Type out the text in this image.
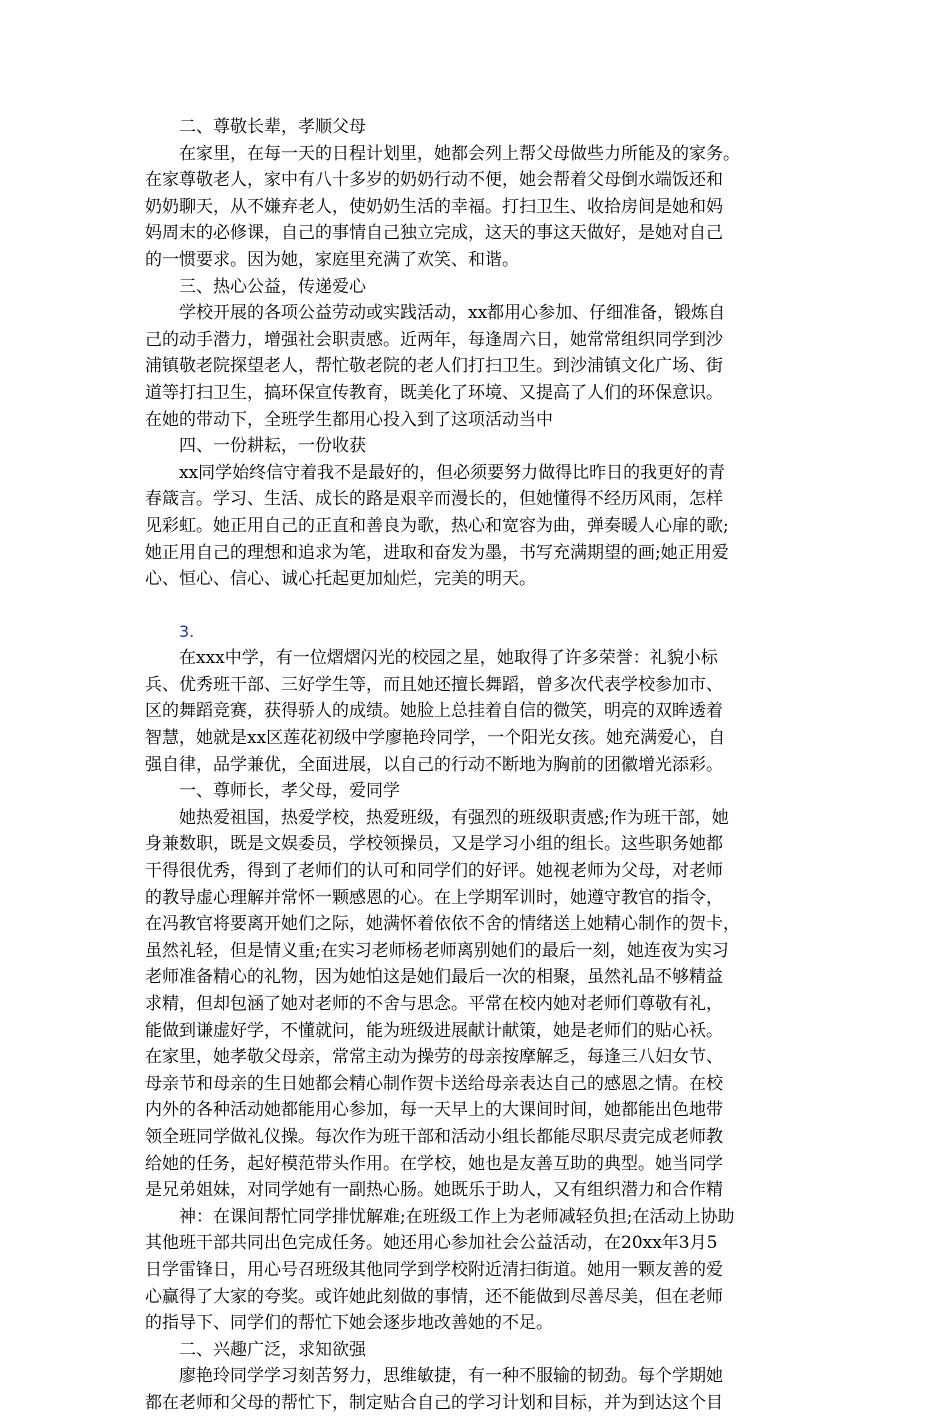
二、尊敬长辈，孝顺父母
在家里，在每一天的日程计划里，她都会列上帮父母做些力所能及的家务。
在家尊敬老人，家中有八十多岁的奶奶行动不便，她会帮着父母倒水端饭还和
奶奶聊天，从不嫌弃老人，使奶奶生活的幸福。打扫卫生、收拾房间是她和妈
妈周末的必修课，自己的事情自己独立完成，这天的事这天做好，是她对自己
的一惯要求。因为她，家庭里充满了欢笑、和谐。
三、热心公益，传递爱心
学校开展的各项公益劳动或实践活动，xx都用心参加、仔细准备，锻炼自
己的动手潜力，增强社会职责感。近两年，每逢周六日，她常常组织同学到沙
浦镇敬老院探望老人，帮忙敬老院的老人们打扫卫生。到沙浦镇文化广场、街
道等打扫卫生，搞环保宣传教育，既美化了环境、又提高了人们的环保意识。
在她的带动下，全班学生都用心投入到了这项活动当中
四、一份耕耘，一份收获
xx同学始终信守着我不是最好的，但必须要努力做得比昨日的我更好的青
春箴言。学习、生活、成长的路是艰辛而漫长的，但她懂得不经历风雨，怎样
见彩虹。她正用自己的正直和善良为歌，热心和宽容为曲，弹奏暖人心扉的歌;
她正用自己的理想和追求为笔，进取和奋发为墨，书写充满期望的画;她正用爱
心、恒心、信心、诚心托起更加灿烂，完美的明天。
3.
在xxx中学，有一位熠熠闪光的校园之星，她取得了许多荣誉：礼貌小标
兵、优秀班干部、三好学生等，而且她还擅长舞蹈，曾多次代表学校参加市、
区的舞蹈竞赛，获得骄人的成绩。她脸上总挂着自信的微笑，明亮的双眸透着
智慧，她就是xx区莲花初级中学廖艳玲同学，一个阳光女孩。她充满爱心，自
强自律，品学兼优，全面进展，以自己的行动不断地为胸前的团徽增光添彩。
一、尊师长，孝父母，爱同学
她热爱祖国，热爱学校，热爱班级，有强烈的班级职责感;作为班干部，她
身兼数职，既是文娱委员，学校领操员，又是学习小组的组长。这些职务她都
干得很优秀，得到了老师们的认可和同学们的好评。她视老师为父母，对老师
的教导虚心理解并常怀一颗感恩的心。在上学期军训时，她遵守教官的指令，
在冯教官将要离开她们之际，她满怀着依依不舍的情绪送上她精心制作的贺卡，
虽然礼轻，但是情义重;在实习老师杨老师离别她们的最后一刻，她连夜为实习
老师准备精心的礼物，因为她怕这是她们最后一次的相聚，虽然礼品不够精益
求精，但却包涵了她对老师的不舍与思念。平常在校内她对老师们尊敬有礼，
能做到谦虚好学，不懂就问，能为班级进展献计献策，她是老师们的贴心袄。
在家里，她孝敬父母亲，常常主动为操劳的母亲按摩解乏，每逢三八妇女节、
母亲节和母亲的生日她都会精心制作贺卡送给母亲表达自己的感恩之情。在校
内外的各种活动她都能用心参加，每一天早上的大课间时间，她都能出色地带
领全班同学做礼仪操。每次作为班干部和活动小组长都能尽职尽责完成老师教
给她的任务，起好模范带头作用。在学校，她也是友善互助的典型。她当同学
是兄弟姐妹，对同学她有一副热心肠。她既乐于助人，又有组织潜力和合作精
神：在课间帮忙同学排忧解难;在班级工作上为老师减轻负担;在活动上协助
其他班干部共同出色完成任务。她还用心参加社会公益活动，在20xx年3月5
日学雷锋日，用心号召班级其他同学到学校附近清扫街道。她用一颗友善的爱
心赢得了大家的夸奖。或许她此刻做的事情，还不能做到尽善尽美，但在老师
的指导下、同学们的帮忙下她会逐步地改善她的不足。
二、兴趣广泛，求知欲强
廖艳玲同学学习刻苦努力，思维敏捷，有一种不服输的韧劲。每个学期她
都在老师和父母的帮忙下，制定贴合自己的学习计划和目标，并为到达这个目
